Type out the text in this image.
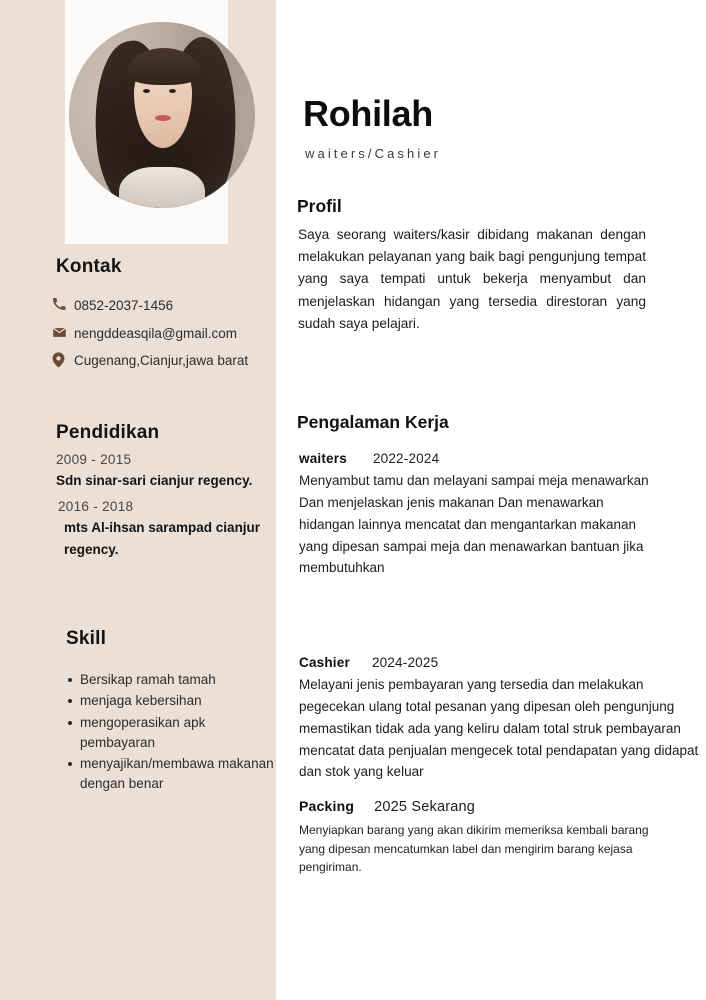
Kontak
0852-2037-1456
nengddeasqila@gmail.com
Cugenang,Cianjur,jawa barat
Pendidikan
2009 - 2015
Sdn sinar-sari cianjur regency.
2016 - 2018
mts Al-ihsan sarampad cianjur regency.
Skill
Bersikap ramah tamah
menjaga kebersihan
mengoperasikan apk pembayaran
menyajikan/membawa makanan dengan benar
Rohilah
waiters/Cashier
Profil
Saya seorang waiters/kasir dibidang makanan dengan melakukan pelayanan yang baik bagi pengunjung tempat yang saya tempati untuk bekerja menyambut dan menjelaskan hidangan yang tersedia direstoran yang sudah saya pelajari.
Pengalaman Kerja
waiters 2022-2024
Menyambut tamu dan melayani sampai meja menawarkan Dan menjelaskan jenis makanan Dan menawarkan hidangan lainnya mencatat dan mengantarkan makanan yang dipesan sampai meja dan menawarkan bantuan jika membutuhkan
Cashier 2024-2025
Melayani jenis pembayaran yang tersedia dan melakukan pegecekan ulang total pesanan yang dipesan oleh pengunjung memastikan tidak ada yang keliru dalam total struk pembayaran mencatat data penjualan mengecek total pendapatan yang didapat dan stok yang keluar
Packing 2025 Sekarang
Menyiapkan barang yang akan dikirim memeriksa kembali barang yang dipesan mencatumkan label dan mengirim barang kejasa pengiriman.
